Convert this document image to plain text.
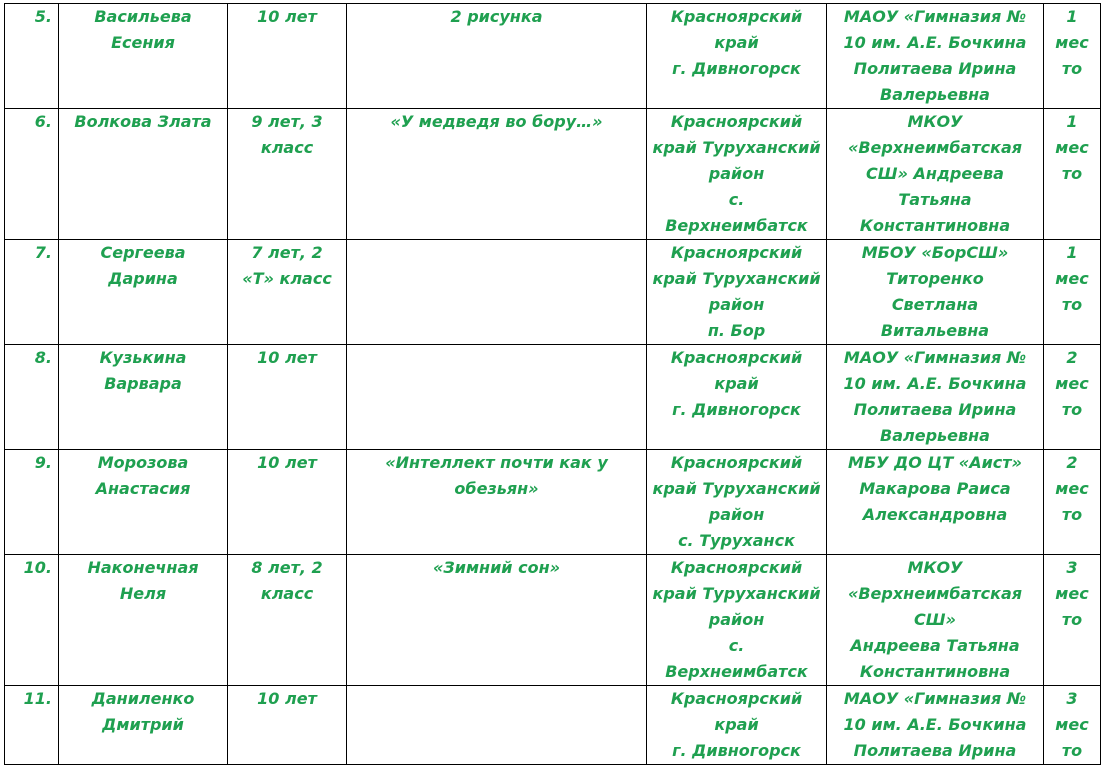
5.	Васильева
Есения	10 лет	2 рисунка	Красноярский
край
г. Дивногорск	МАОУ «Гимназия №
10 им. А.Е. Бочкина
Политаева Ирина
Валерьевна	1
мес
то
6.	Волкова Злата	9 лет, 3
класс	«У медведя во бору…»	Красноярский
край Туруханский
район
с.
Верхнеимбатск	МКОУ
«Верхнеимбатская
СШ» Андреева
Татьяна
Константиновна	1
мес
то
7.	Сергеева
Дарина	7 лет, 2
«Т» класс		Красноярский
край Туруханский
район
п. Бор	МБОУ «БорСШ»
Титоренко
Светлана
Витальевна	1
мес
то
8.	Кузькина
Варвара	10 лет		Красноярский
край
г. Дивногорск	МАОУ «Гимназия №
10 им. А.Е. Бочкина
Политаева Ирина
Валерьевна	2
мес
то
9.	Морозова
Анастасия	10 лет	«Интеллект почти как у
обезьян»	Красноярский
край Туруханский
район
с. Туруханск	МБУ ДО ЦТ «Аист»
Макарова Раиса
Александровна	2
мес
то
10.	Наконечная
Неля	8 лет, 2
класс	«Зимний сон»	Красноярский
край Туруханский
район
с.
Верхнеимбатск	МКОУ
«Верхнеимбатская
СШ»
Андреева Татьяна
Константиновна	3
мес
то
11.	Даниленко
Дмитрий	10 лет		Красноярский
край
г. Дивногорск	МАОУ «Гимназия №
10 им. А.Е. Бочкина
Политаева Ирина	3
мес
то
